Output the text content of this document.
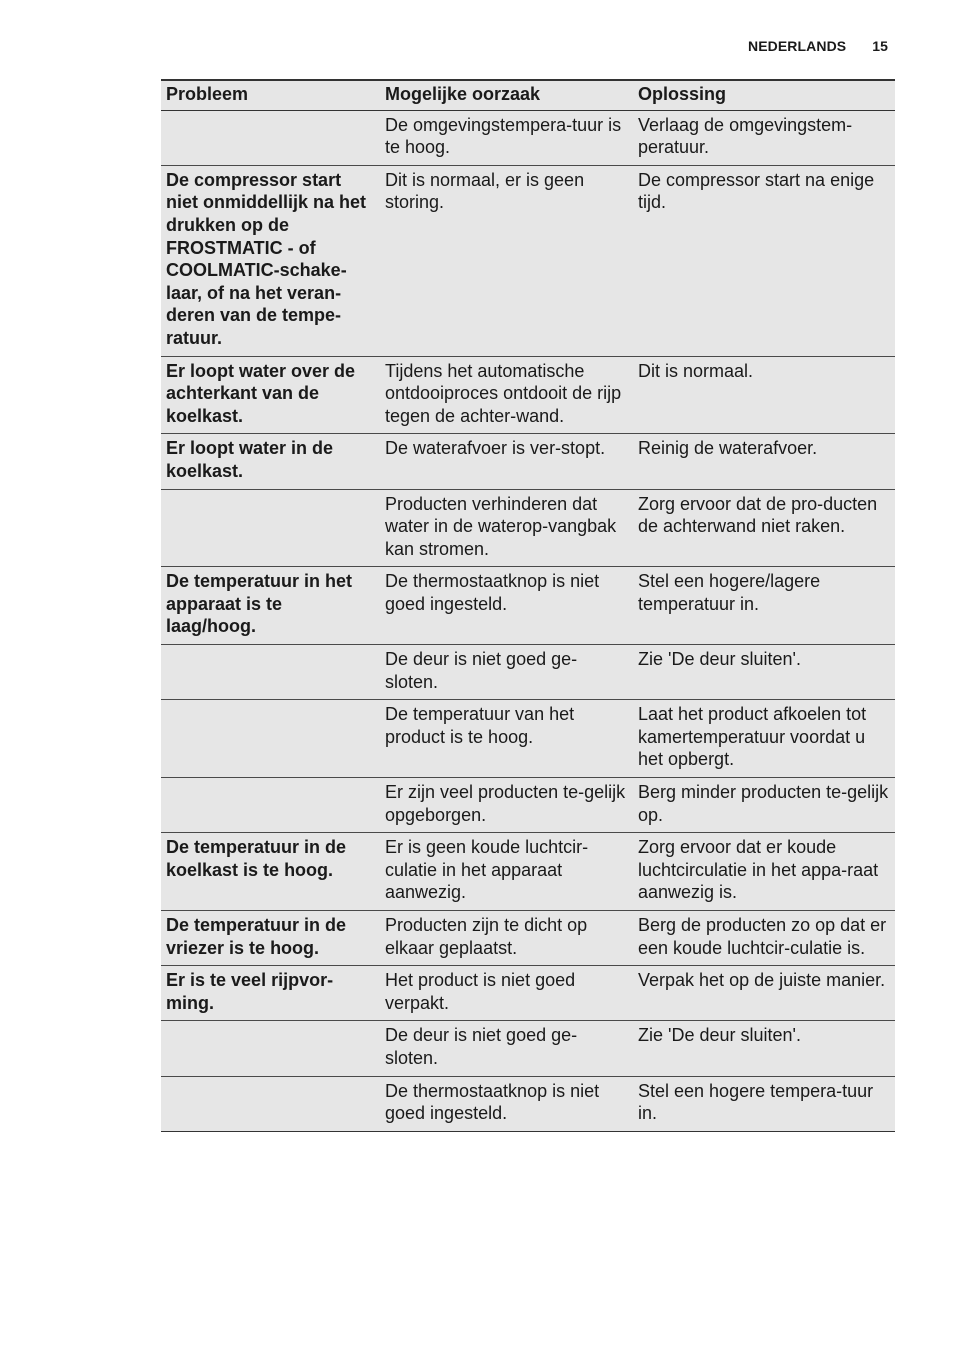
NEDERLANDS 15
Probleem	Mogelijke oorzaak	Oplossing
	De omgevingstempera-tuur is te hoog.	Verlaag de omgevingstem-peratuur.
De compressor start niet onmiddellijk na het drukken op de FROSTMATIC - of COOLMATIC-schake-laar, of na het veran-deren van de tempe-ratuur.	Dit is normaal, er is geen storing.	De compressor start na enige tijd.
Er loopt water over de achterkant van de koelkast.	Tijdens het automatische ontdooiproces ontdooit de rijp tegen de achter-wand.	Dit is normaal.
Er loopt water in de koelkast.	De waterafvoer is ver-stopt.	Reinig de waterafvoer.
	Producten verhinderen dat water in de waterop-vangbak kan stromen.	Zorg ervoor dat de pro-ducten de achterwand niet raken.
De temperatuur in het apparaat is te laag/hoog.	De thermostaatknop is niet goed ingesteld.	Stel een hogere/lagere temperatuur in.
	De deur is niet goed ge-sloten.	Zie 'De deur sluiten'.
	De temperatuur van het product is te hoog.	Laat het product afkoelen tot kamertemperatuur voordat u het opbergt.
	Er zijn veel producten te-gelijk opgeborgen.	Berg minder producten te-gelijk op.
De temperatuur in de koelkast is te hoog.	Er is geen koude luchtcir-culatie in het apparaat aanwezig.	Zorg ervoor dat er koude luchtcirculatie in het appa-raat aanwezig is.
De temperatuur in de vriezer is te hoog.	Producten zijn te dicht op elkaar geplaatst.	Berg de producten zo op dat er een koude luchtcir-culatie is.
Er is te veel rijpvor-ming.	Het product is niet goed verpakt.	Verpak het op de juiste manier.
	De deur is niet goed ge-sloten.	Zie 'De deur sluiten'.
	De thermostaatknop is niet goed ingesteld.	Stel een hogere tempera-tuur in.
